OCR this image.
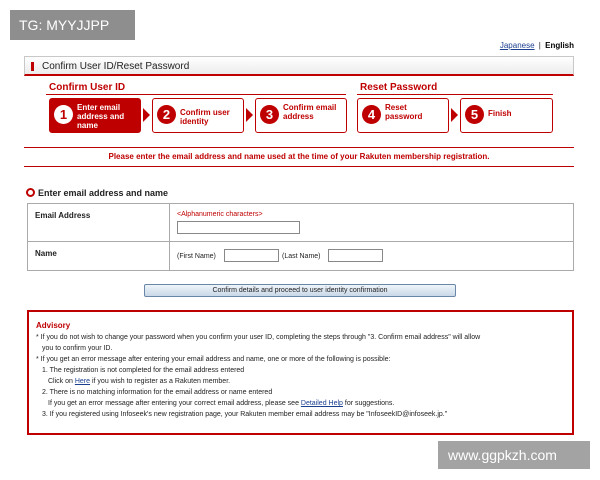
TG: MYYJJPP
Japanese | English
Confirm User ID/Reset Password
Confirm User ID	Reset Password
1	Enter email
address and
name
2	Confirm user
identity	3	Confirm email
address	4	Reset
password	5	Finish
Please enter the email address and name used at the time of your Rakuten membership registration.
Enter email address and name
Email Address	<Alphanumeric characters>
Name	(First Name)	(Last Name)
Confirm details and proceed to user identity confirmation
Advisory
* If you do not wish to change your password when you confirm your user ID, completing the steps through "3. Confirm email address" will allow
you to confirm your ID.
* If you get an error message after entering your email address and name, one or more of the following is possible:
1. The registration is not completed for the email address entered
Click on Here if you wish to register as a Rakuten member.
2. There is no matching information for the email address or name entered
If you get an error message after entering your correct email address, please see Detailed Help for suggestions.
3. If you registered using Infoseek's new registration page, your Rakuten member email address may be "InfoseekID@infoseek.jp."
www.ggpkzh.com
